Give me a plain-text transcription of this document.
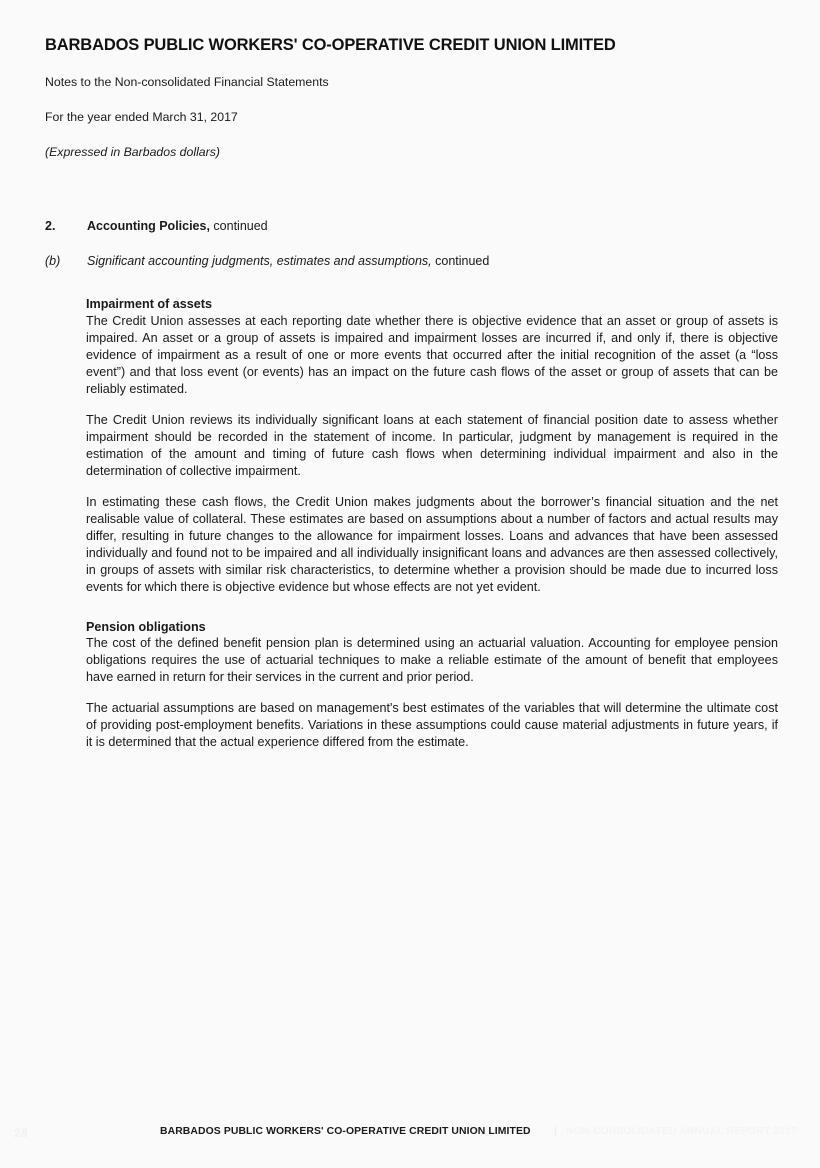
BARBADOS PUBLIC WORKERS' CO-OPERATIVE CREDIT UNION LIMITED
Notes to the Non-consolidated Financial Statements
For the year ended March 31, 2017
(Expressed in Barbados dollars)
2.	Accounting Policies, continued
(b) Significant accounting judgments, estimates and assumptions, continued
Impairment of assets

The Credit Union assesses at each reporting date whether there is objective evidence that an asset or group of assets is impaired. An asset or a group of assets is impaired and impairment losses are incurred if, and only if, there is objective evidence of impairment as a result of one or more events that occurred after the initial recognition of the asset (a “loss event”) and that loss event (or events) has an impact on the future cash flows of the asset or group of assets that can be reliably estimated.

The Credit Union reviews its individually significant loans at each statement of financial position date to assess whether impairment should be recorded in the statement of income. In particular, judgment by management is required in the estimation of the amount and timing of future cash flows when determining individual impairment and also in the determination of collective impairment.

In estimating these cash flows, the Credit Union makes judgments about the borrower’s financial situation and the net realisable value of collateral. These estimates are based on assumptions about a number of factors and actual results may differ, resulting in future changes to the allowance for impairment losses. Loans and advances that have been assessed individually and found not to be impaired and all individually insignificant loans and advances are then assessed collectively, in groups of assets with similar risk characteristics, to determine whether a provision should be made due to incurred loss events for which there is objective evidence but whose effects are not yet evident.

Pension obligations

The cost of the defined benefit pension plan is determined using an actuarial valuation. Accounting for employee pension obligations requires the use of actuarial techniques to make a reliable estimate of the amount of benefit that employees have earned in return for their services in the current and prior period.

The actuarial assumptions are based on management's best estimates of the variables that will determine the ultimate cost of providing post-employment benefits. Variations in these assumptions could cause material adjustments in future years, if it is determined that the actual experience differed from the estimate.

28	BARBADOS PUBLIC WORKERS' CO-OPERATIVE CREDIT UNION LIMITED | NON-CONSOLIDATED ANNUAL REPORT 2017
